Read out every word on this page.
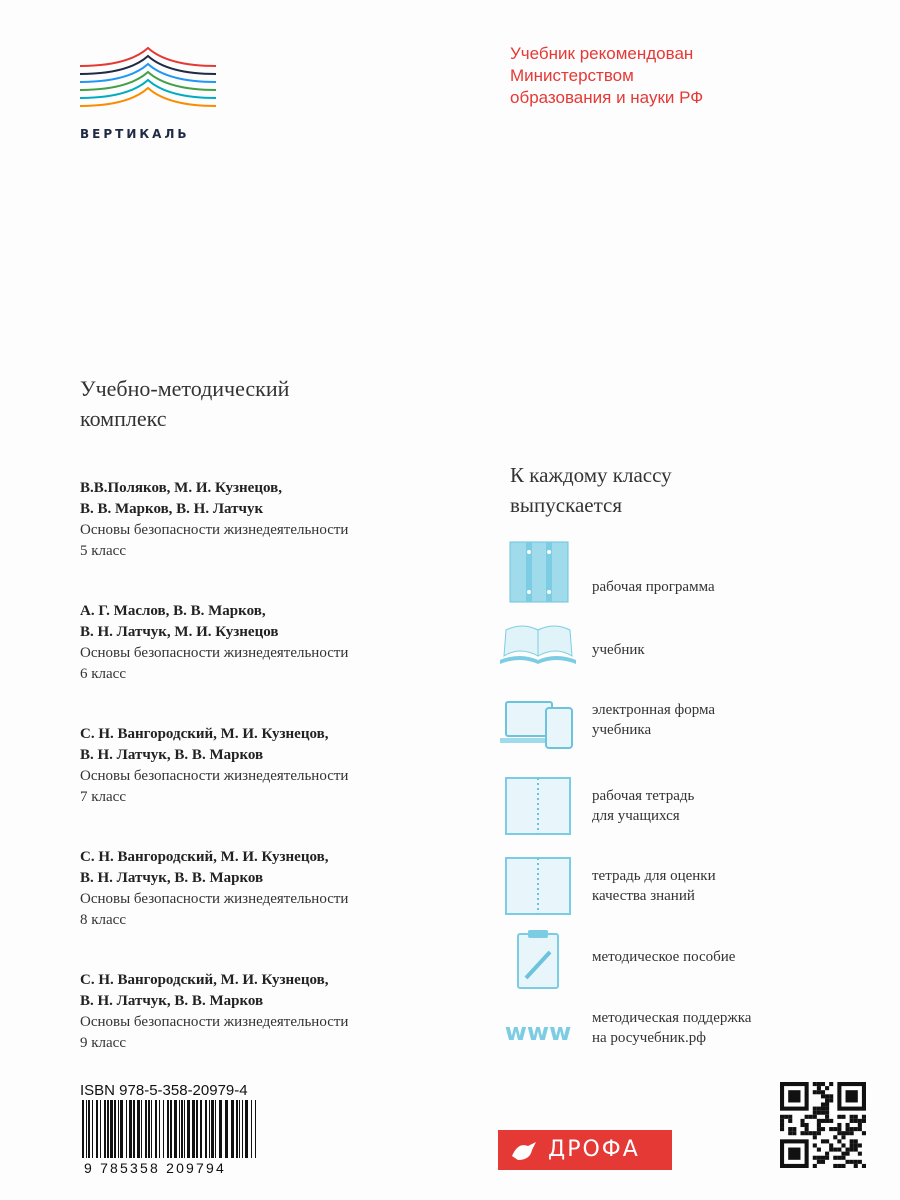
ВЕРТИКАЛЬ
Учебник рекомендован
Министерством
образования и науки РФ
Учебно-методический
комплекс
В.В.Поляков, М. И. Кузнецов,
В. В. Марков, В. Н. Латчук
Основы безопасности жизнедеятельности
5 класс
А. Г. Маслов, В. В. Марков,
В. Н. Латчук, М. И. Кузнецов
Основы безопасности жизнедеятельности
6 класс
С. Н. Вангородский, М. И. Кузнецов,
В. Н. Латчук, В. В. Марков
Основы безопасности жизнедеятельности
7 класс
С. Н. Вангородский, М. И. Кузнецов,
В. Н. Латчук, В. В. Марков
Основы безопасности жизнедеятельности
8 класс
С. Н. Вангородский, М. И. Кузнецов,
В. Н. Латчук, В. В. Марков
Основы безопасности жизнедеятельности
9 класс
К каждому классу
выпускается
рабочая программа
учебник
электронная форма
учебника
рабочая тетрадь
для учащихся
тетрадь для оценки
качества знаний
методическое пособие
www методическая поддержка
на росучебник.рф
ISBN 978-5-358-20979-4
9 785358 209794
ДРОФА
